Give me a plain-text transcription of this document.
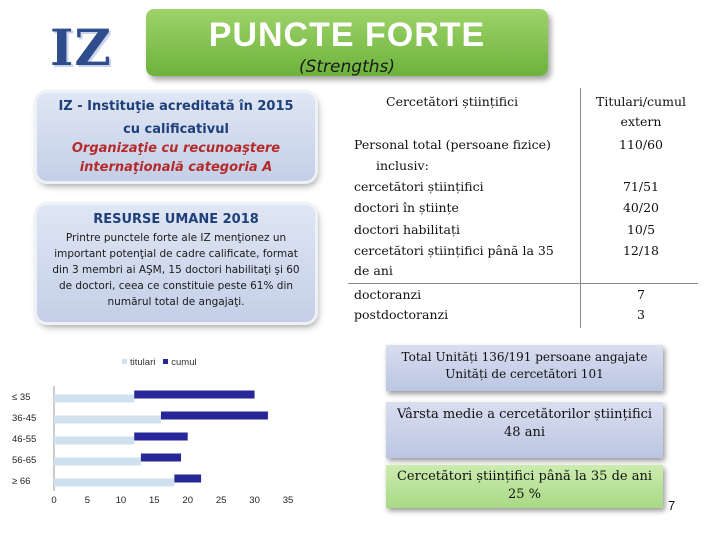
IZ	PUNCTE FORTE
(Strengths)
IZ - Instituţie acreditată în 2015
cu calificativul
Organizaţie cu recunoaştere
internaţională categoria A
RESURSE UMANE 2018
Printre punctele forte ale IZ menţionez un important potenţial de cadre calificate, format din 3 membri ai AŞM, 15 doctori habilitaţi şi 60 de doctori, ceea ce constituie peste 61% din numărul total de angajaţi.
Cercetători științifici	Titulari/cumul
extern
Personal total (persoane fizice)	110/60
inclusiv:
cercetători științifici	71/51
doctori în științe	40/20
doctori habilitați	10/5
cercetători științifici până la 35	12/18
de ani
doctoranzi	7
postdoctoranzi	3
Total Unități 136/191 persoane angajate
Unități de cercetători 101
Vârsta medie a cercetătorilor științifici
48 ani
Cercetători științifici până la 35 de ani
25 %
titulari cumul
≤ 35
36-45
46-55
56-65
≥ 66
0	5	10 15 20 25 30 35	7
